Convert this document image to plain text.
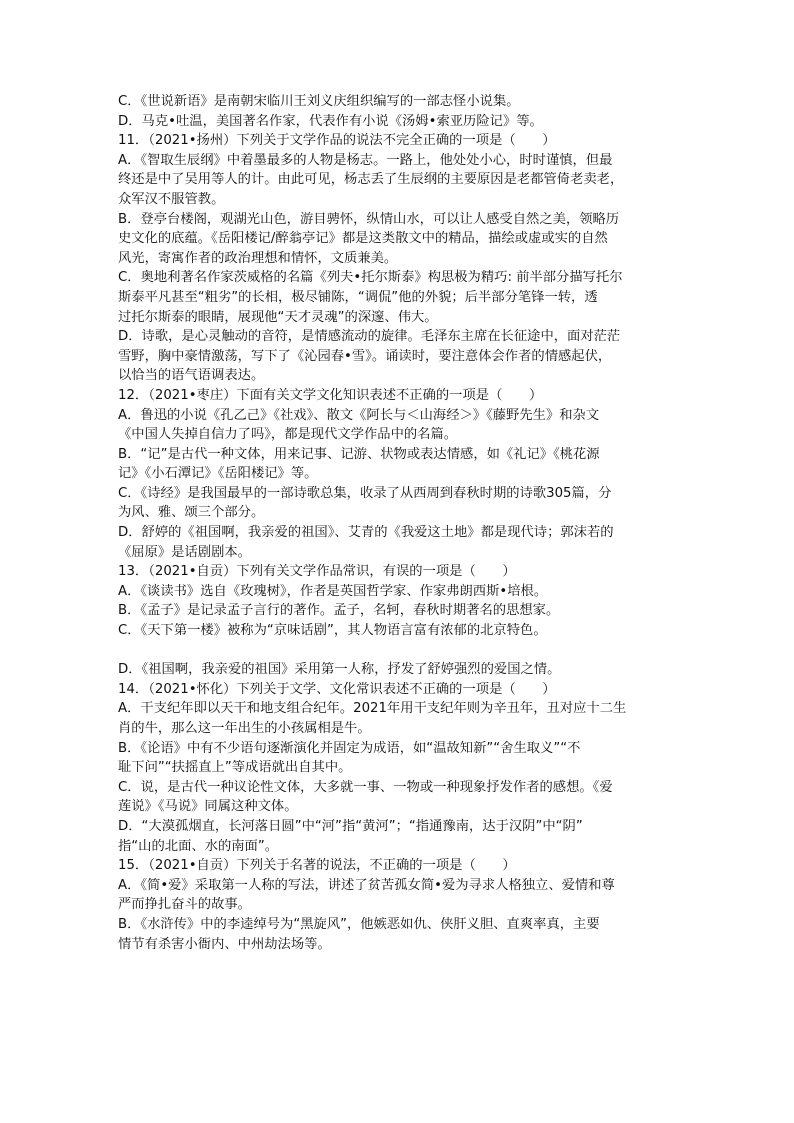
C．《世说新语》是南朝宋临川王刘义庆组织编写的一部志怪小说集。
D．马克•吐温，美国著名作家，代表作有小说《汤姆•索亚历险记》等。
11．（2021•扬州）下列关于文学作品的说法不完全正确的一项是（　　）
A．《智取生辰纲》中着墨最多的人物是杨志。一路上，他处处小心，时时谨慎，但最
终还是中了吴用等人的计。由此可见，杨志丢了生辰纲的主要原因是老都管倚老卖老，
众军汉不服管教。
B．登亭台楼阁，观湖光山色，游目骋怀，纵情山水，可以让人感受自然之美，领略历
史文化的底蕴。《岳阳楼记/醉翁亭记》都是这类散文中的精品，描绘或虚或实的自然
风光，寄寓作者的政治理想和情怀，文质兼美。
C．奥地利著名作家茨威格的名篇《列夫•托尔斯泰》构思极为精巧: 前半部分描写托尔
斯泰平凡甚至“粗劣”的长相，极尽铺陈，“调侃”他的外貌；后半部分笔锋一转，透
过托尔斯泰的眼睛，展现他“天才灵魂”的深邃、伟大。
D．诗歌，是心灵触动的音符，是情感流动的旋律。毛泽东主席在长征途中，面对茫茫
雪野，胸中豪情激荡，写下了《沁园春•雪》。诵读时，要注意体会作者的情感起伏，
以恰当的语气语调表达。
12．（2021•枣庄）下面有关文学文化知识表述不正确的一项是（　　）
A．鲁迅的小说《孔乙己》《社戏》、散文《阿长与＜山海经＞》《藤野先生》和杂文
《中国人失掉自信力了吗》，都是现代文学作品中的名篇。
B．“记”是古代一种文体，用来记事、记游、状物或表达情感，如《礼记》《桃花源
记》《小石潭记》《岳阳楼记》等。
C．《诗经》是我国最早的一部诗歌总集，收录了从西周到春秋时期的诗歌305篇，分
为风、雅、颂三个部分。
D．舒婷的《祖国啊，我亲爱的祖国》、艾青的《我爱这土地》都是现代诗；郭沫若的
《屈原》是话剧剧本。
13．（2021•自贡）下列有关文学作品常识，有误的一项是（　　）
A．《谈读书》选自《玫瑰树》，作者是英国哲学家、作家弗朗西斯•培根。
B．《孟子》是记录孟子言行的著作。孟子，名轲，春秋时期著名的思想家。
C．《天下第一楼》被称为“京味话剧”，其人物语言富有浓郁的北京特色。
D．《祖国啊，我亲爱的祖国》采用第一人称，抒发了舒婷强烈的爱国之情。
14．（2021•怀化）下列关于文学、文化常识表述不正确的一项是（　　）
A．干支纪年即以天干和地支组合纪年。2021年用干支纪年则为辛丑年，丑对应十二生
肖的牛，那么这一年出生的小孩属相是牛。
B．《论语》中有不少语句逐渐演化并固定为成语，如“温故知新”“舍生取义”“不
耻下问”“扶摇直上”等成语就出自其中。
C．说，是古代一种议论性文体，大多就一事、一物或一种现象抒发作者的感想。《爱
莲说》《马说》同属这种文体。
D．“大漠孤烟直，长河落日圆”中“河”指“黄河”；“指通豫南，达于汉阴”中“阴”
指“山的北面、水的南面”。
15．（2021•自贡）下列关于名著的说法，不正确的一项是（　　）
A．《简•爱》采取第一人称的写法，讲述了贫苦孤女简•爱为寻求人格独立、爱情和尊
严而挣扎奋斗的故事。
B．《水浒传》中的李逵绰号为“黑旋风”，他嫉恶如仇、侠肝义胆、直爽率真，主要
情节有杀害小衙内、中州劫法场等。
